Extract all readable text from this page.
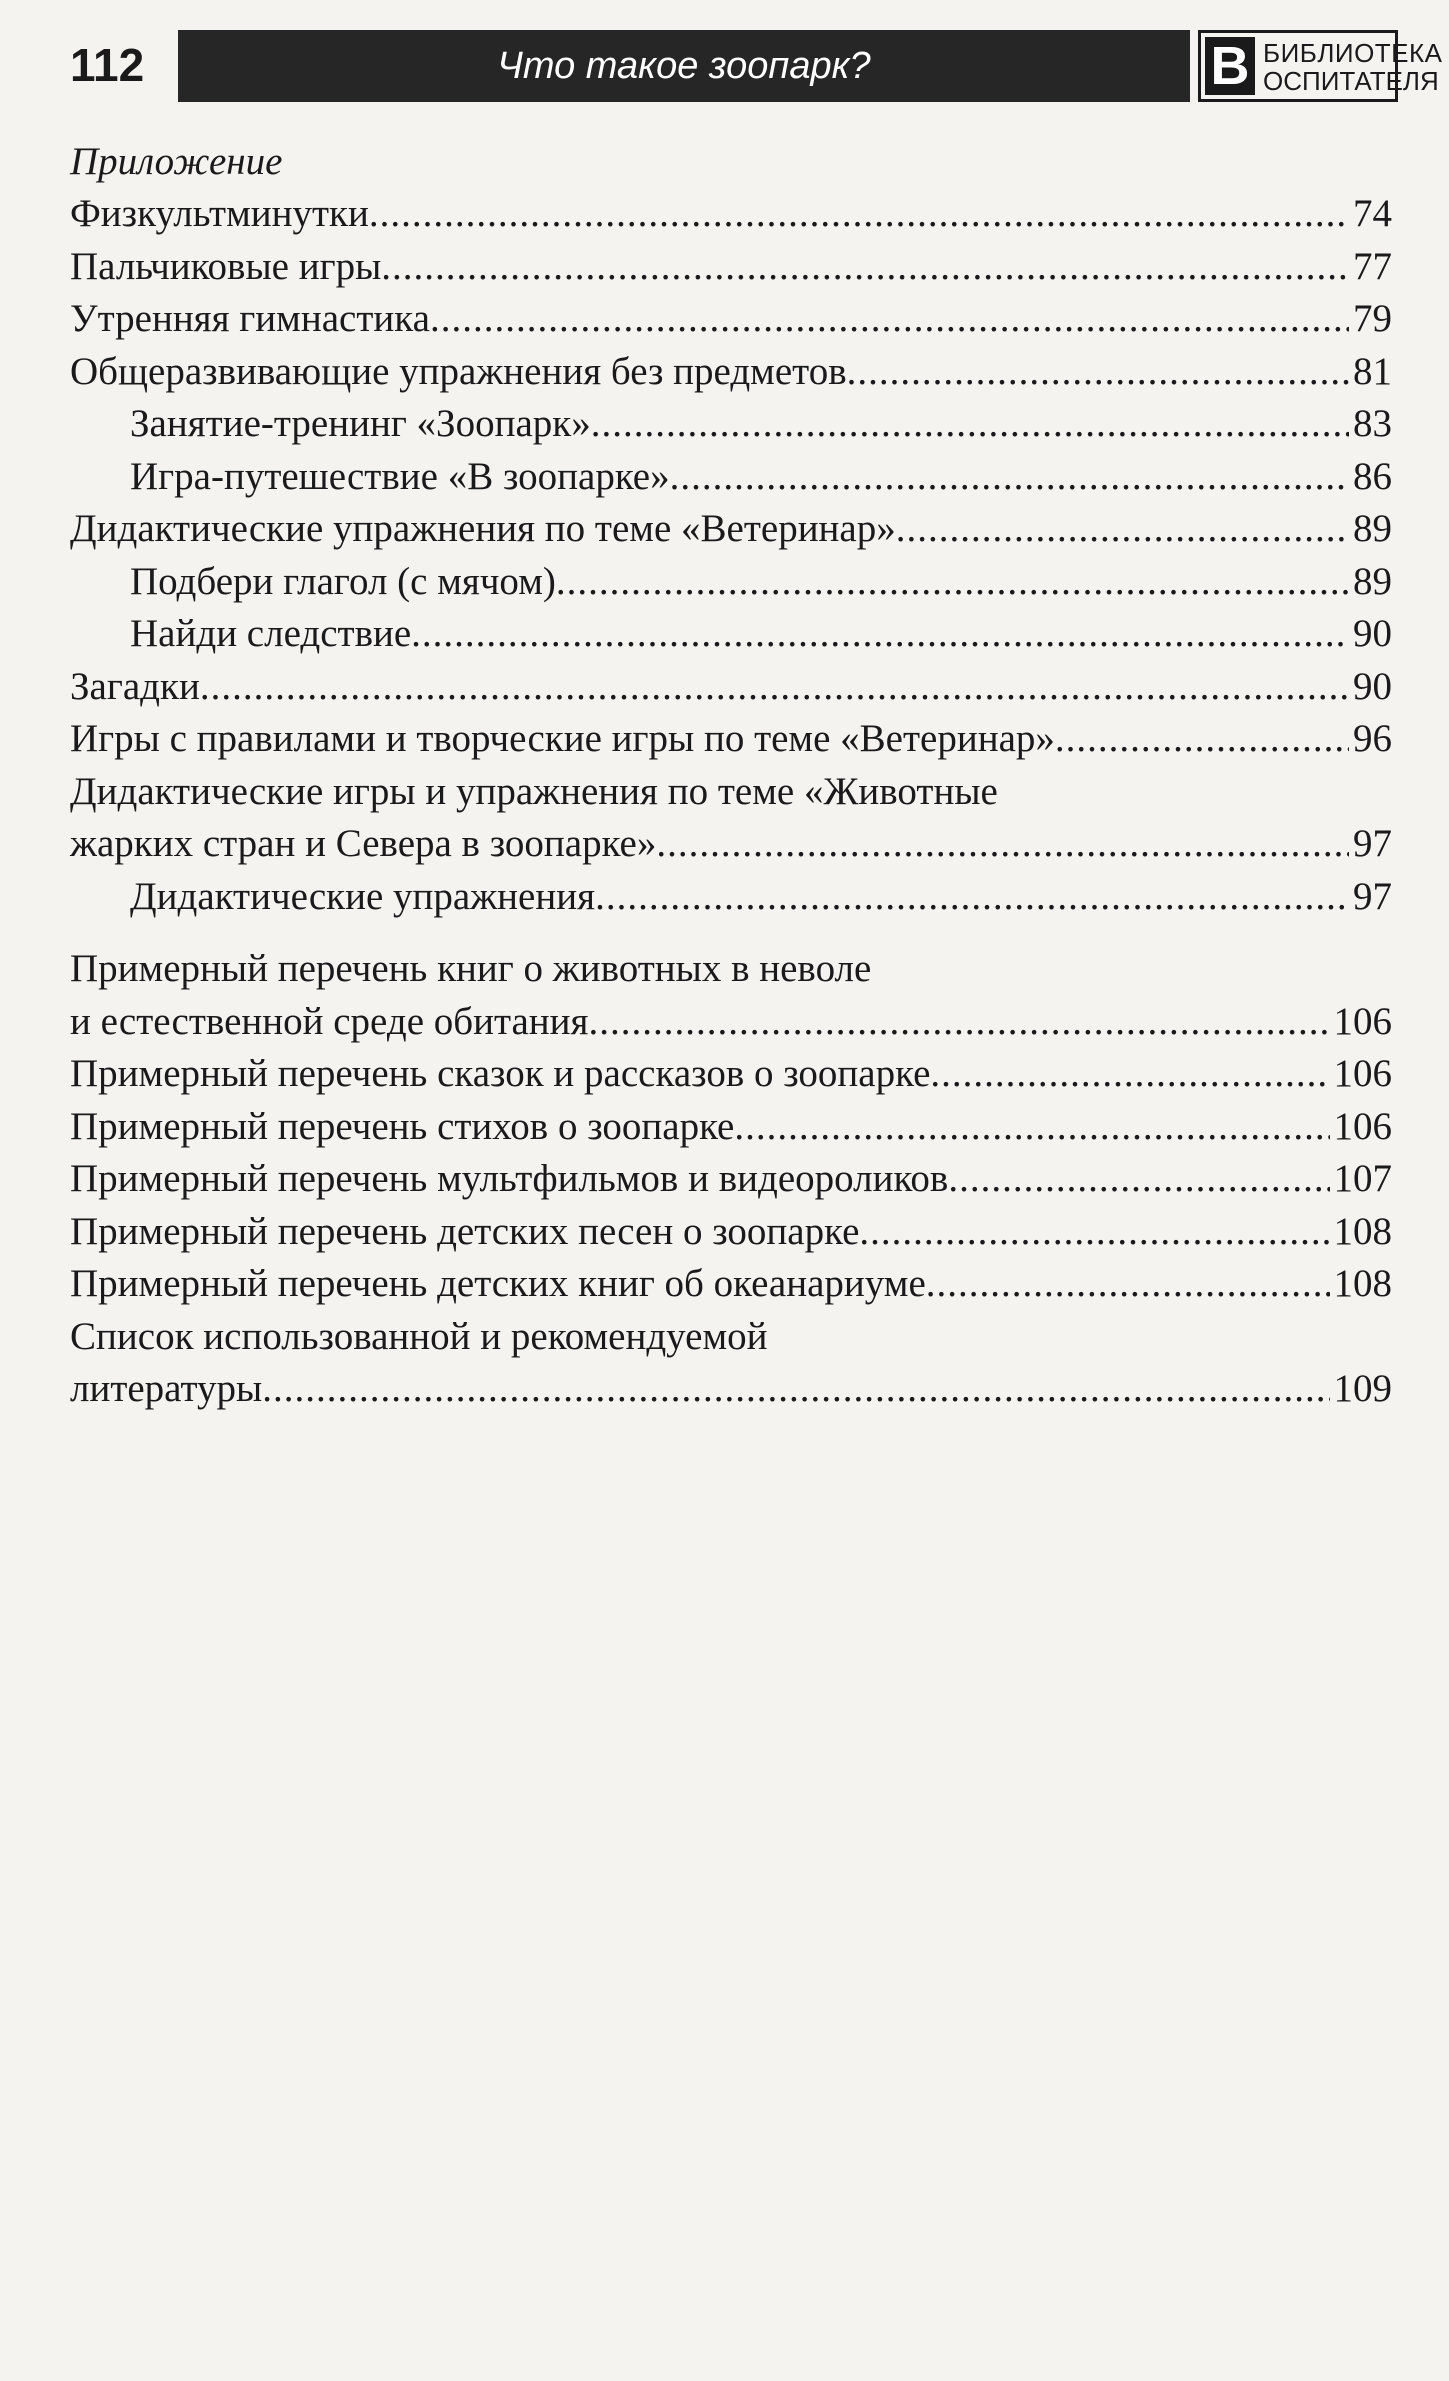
112	Что такое зоопарк?	В БИБЛИОТЕКА
ОСПИТАТЕЛЯ
Приложение
Физкультминутки .....	74
Пальчиковые игры .....	77
Утренняя гимнастика .....	79
Общеразвивающие упражнения без предметов .....	81
Занятие-тренинг «Зоопарк» .....	83
Игра-путешествие «В зоопарке» .....	86
Дидактические упражнения по теме «Ветеринар» .....	89
Подбери глагол (с мячом) .....	89
Найди следствие .....	90
Загадки .....	90
Игры с правилами и творческие игры по теме «Ветеринар» .....	96
Дидактические игры и упражнения по теме «Животные
жарких стран и Севера в зоопарке» .....	97
Дидактические упражнения .....	97
Примерный перечень книг о животных в неволе
и естественной среде обитания .....	106
Примерный перечень сказок и рассказов о зоопарке .....	106
Примерный перечень стихов о зоопарке .....	106
Примерный перечень мультфильмов и видеороликов .....	107
Примерный перечень детских песен о зоопарке .....	108
Примерный перечень детских книг об океанариуме .....	108
Список использованной и рекомендуемой
литературы .....	109
